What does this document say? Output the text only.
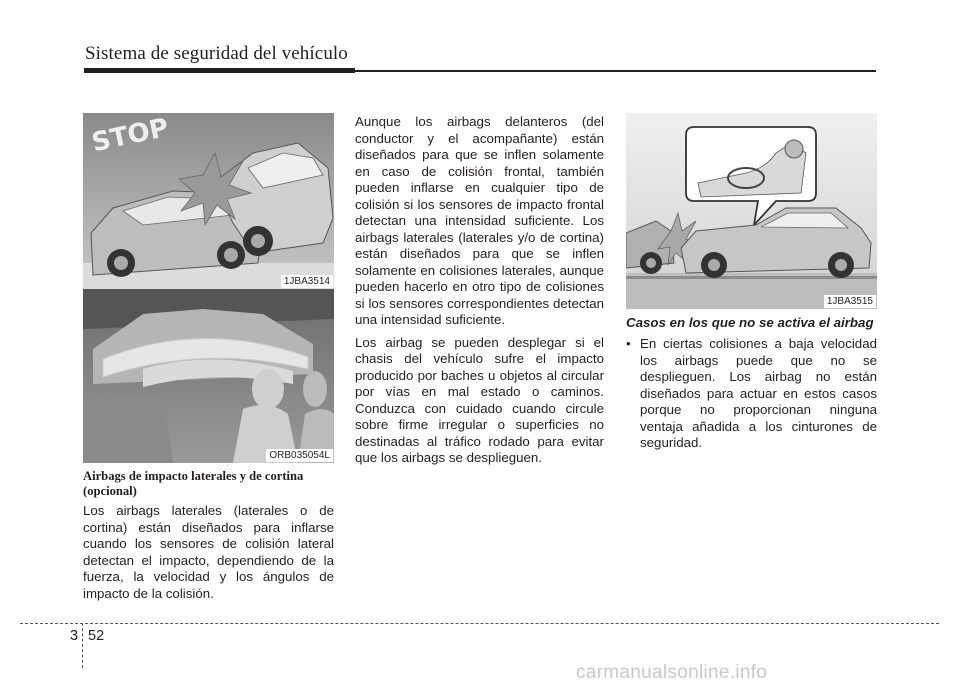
Sistema de seguridad del vehículo
STOP
1JBA3514
ORB035054L
Airbags de impacto laterales y de cortina (opcional)

Los airbags laterales (laterales o de cortina) están diseñados para inflarse cuando los sensores de colisión lateral detectan el impacto, dependiendo de la fuerza, la velocidad y los ángulos de impacto de la colisión.

Aunque los airbags delanteros (del conductor y el acompañante) están diseñados para que se inflen solamente en caso de colisión frontal, también pueden inflarse en cualquier tipo de colisión si los sensores de impacto frontal detectan una intensidad suficiente. Los airbags laterales (laterales y/o de cortina) están diseñados para que se inflen solamente en colisiones laterales, aunque pueden hacerlo en otro tipo de colisiones si los sensores correspondientes detectan una intensidad suficiente.

Los airbag se pueden desplegar si el chasis del vehículo sufre el impacto producido por baches u objetos al circular por vías en mal estado o caminos. Conduzca con cuidado cuando circule sobre firme irregular o superficies no destinadas al tráfico rodado para evitar que los airbags se desplieguen.

1JBA3515
Casos en los que no se activa el airbag
• En ciertas colisiones a baja velocidad los airbags puede que no se desplieguen. Los airbag no están diseñados para actuar en estos casos porque no proporcionan ninguna ventaja añadida a los cinturones de seguridad.
3 52
carmanualsonline.info
